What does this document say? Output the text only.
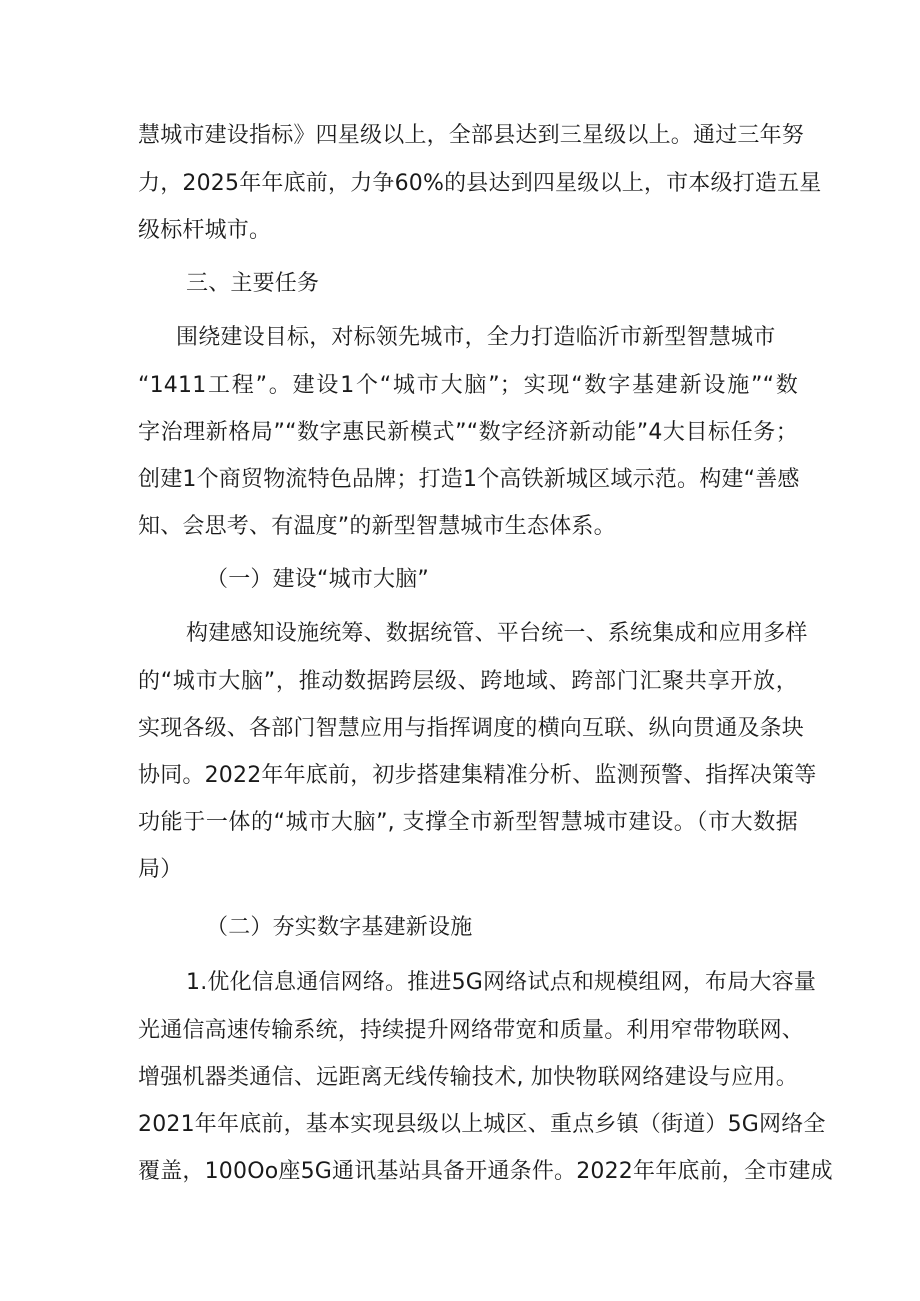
慧城市建设指标》四星级以上，全部县达到三星级以上。通过三年努
力，2025年年底前，力争60%的县达到四星级以上，市本级打造五星
级标杆城市。
三、主要任务
围绕建设目标，对标领先城市，全力打造临沂市新型智慧城市
“1411工程”。建设1个“城市大脑”；实现“数字基建新设施”“数
字治理新格局”“数字惠民新模式”“数字经济新动能”4大目标任务；
创建1个商贸物流特色品牌；打造1个高铁新城区域示范。构建“善感
知、会思考、有温度”的新型智慧城市生态体系。
（一）建设“城市大脑”
构建感知设施统筹、数据统管、平台统一、系统集成和应用多样
的“城市大脑”，推动数据跨层级、跨地域、跨部门汇聚共享开放，
实现各级、各部门智慧应用与指挥调度的横向互联、纵向贯通及条块
协同。2022年年底前，初步搭建集精准分析、监测预警、指挥决策等
功能于一体的“城市大脑”, 支撑全市新型智慧城市建设。（市大数据
局）
（二）夯实数字基建新设施
1.优化信息通信网络。推进5G网络试点和规模组网，布局大容量
光通信高速传输系统，持续提升网络带宽和质量。利用窄带物联网、
增强机器类通信、远距离无线传输技术, 加快物联网络建设与应用。
2021年年底前，基本实现县级以上城区、重点乡镇（街道）5G网络全
覆盖，100Oo座5G通讯基站具备开通条件。2022年年底前，全市建成
